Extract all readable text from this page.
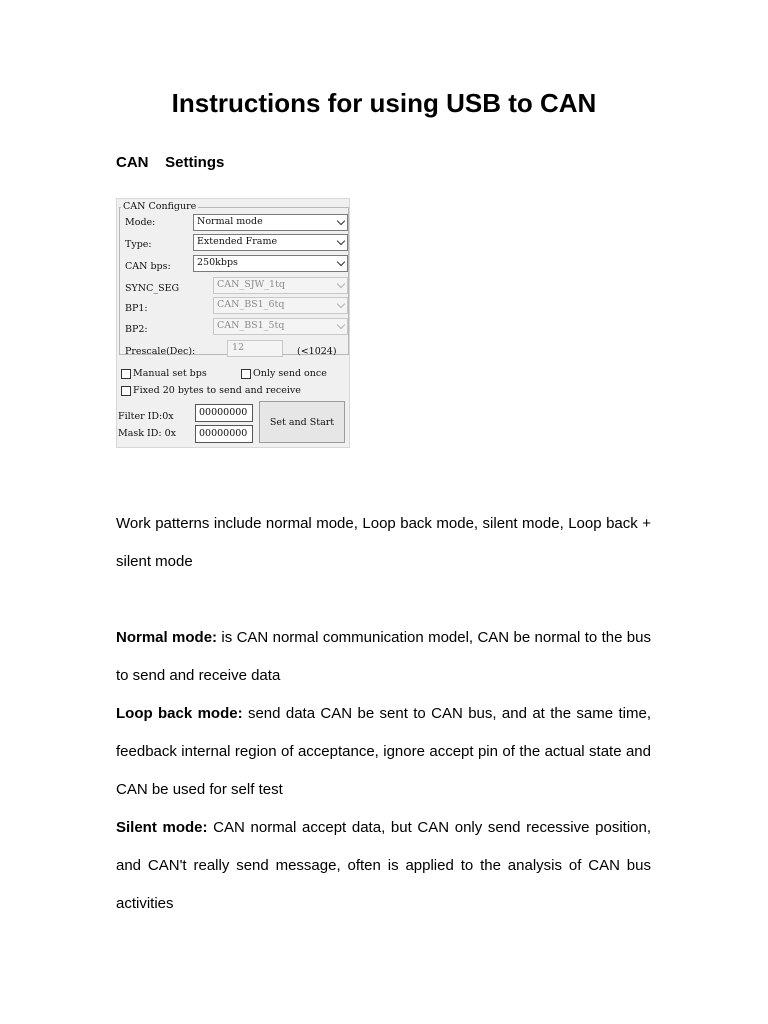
Instructions for using USB to CAN
CAN    Settings
CAN Configure
Mode:	Normal mode
Type:	Extended Frame
CAN bps:	250kbps
SYNC_SEG	CAN_SJW_1tq
BP1:	CAN_BS1_6tq
BP2:	CAN_BS1_5tq
Prescale(Dec):	12	(<1024)
Manual set bps	Only send once
Fixed 20 bytes to send and receive
Filter ID:0x	00000000
Mask ID: 0x 00000000
Set and Start

Work patterns include normal mode, Loop back mode, silent mode, Loop back + silent mode

Normal mode: is CAN normal communication model, CAN be normal to the bus to send and receive data

Loop back mode: send data CAN be sent to CAN bus, and at the same time, feedback internal region of acceptance, ignore accept pin of the actual state and CAN be used for self test

Silent mode: CAN normal accept data, but CAN only send recessive position, and CAN't really send message, often is applied to the analysis of CAN bus activities
